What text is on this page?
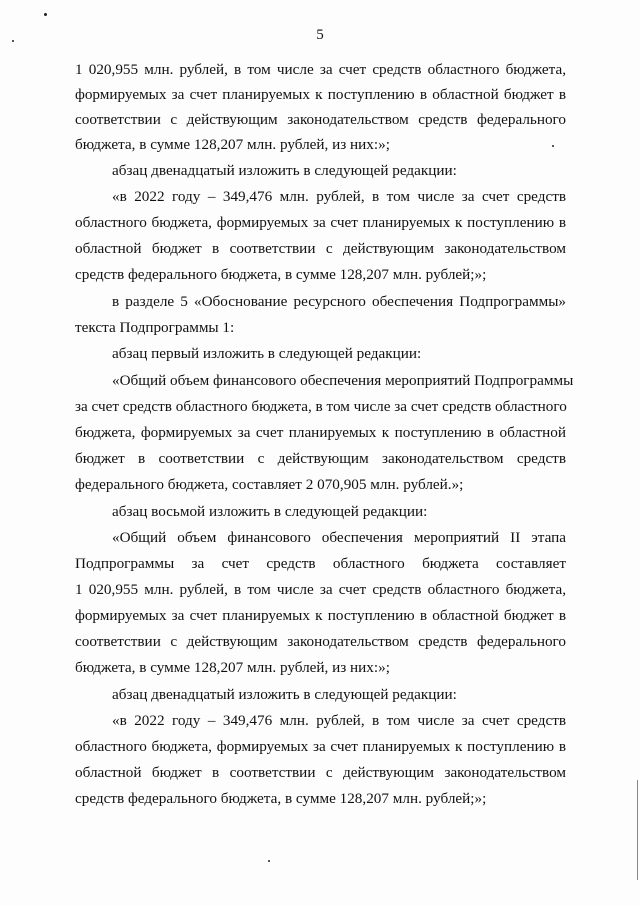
5
1 020,955 млн. рублей, в том числе за счет средств областного бюджета,
формируемых за счет планируемых к поступлению в областной бюджет в
соответствии с действующим законодательством средств федерального
бюджета, в сумме 128,207 млн. рублей, из них:»;
абзац двенадцатый изложить в следующей редакции:
«в 2022 году – 349,476 млн. рублей, в том числе за счет средств
областного бюджета, формируемых за счет планируемых к поступлению в
областной бюджет в соответствии с действующим законодательством
средств федерального бюджета, в сумме 128,207 млн. рублей;»;
в разделе 5 «Обоснование ресурсного обеспечения Подпрограммы»
текста Подпрограммы 1:
абзац первый изложить в следующей редакции:
«Общий объем финансового обеспечения мероприятий Подпрограммы
за счет средств областного бюджета, в том числе за счет средств областного
бюджета, формируемых за счет планируемых к поступлению в областной
бюджет в соответствии с действующим законодательством средств
федерального бюджета, составляет 2 070,905 млн. рублей.»;
абзац восьмой изложить в следующей редакции:
«Общий объем финансового обеспечения мероприятий II этапа
Подпрограммы за счет средств областного бюджета составляет
1 020,955 млн. рублей, в том числе за счет средств областного бюджета,
формируемых за счет планируемых к поступлению в областной бюджет в
соответствии с действующим законодательством средств федерального
бюджета, в сумме 128,207 млн. рублей, из них:»;
абзац двенадцатый изложить в следующей редакции:
«в 2022 году – 349,476 млн. рублей, в том числе за счет средств
областного бюджета, формируемых за счет планируемых к поступлению в
областной бюджет в соответствии с действующим законодательством
средств федерального бюджета, в сумме 128,207 млн. рублей;»;
